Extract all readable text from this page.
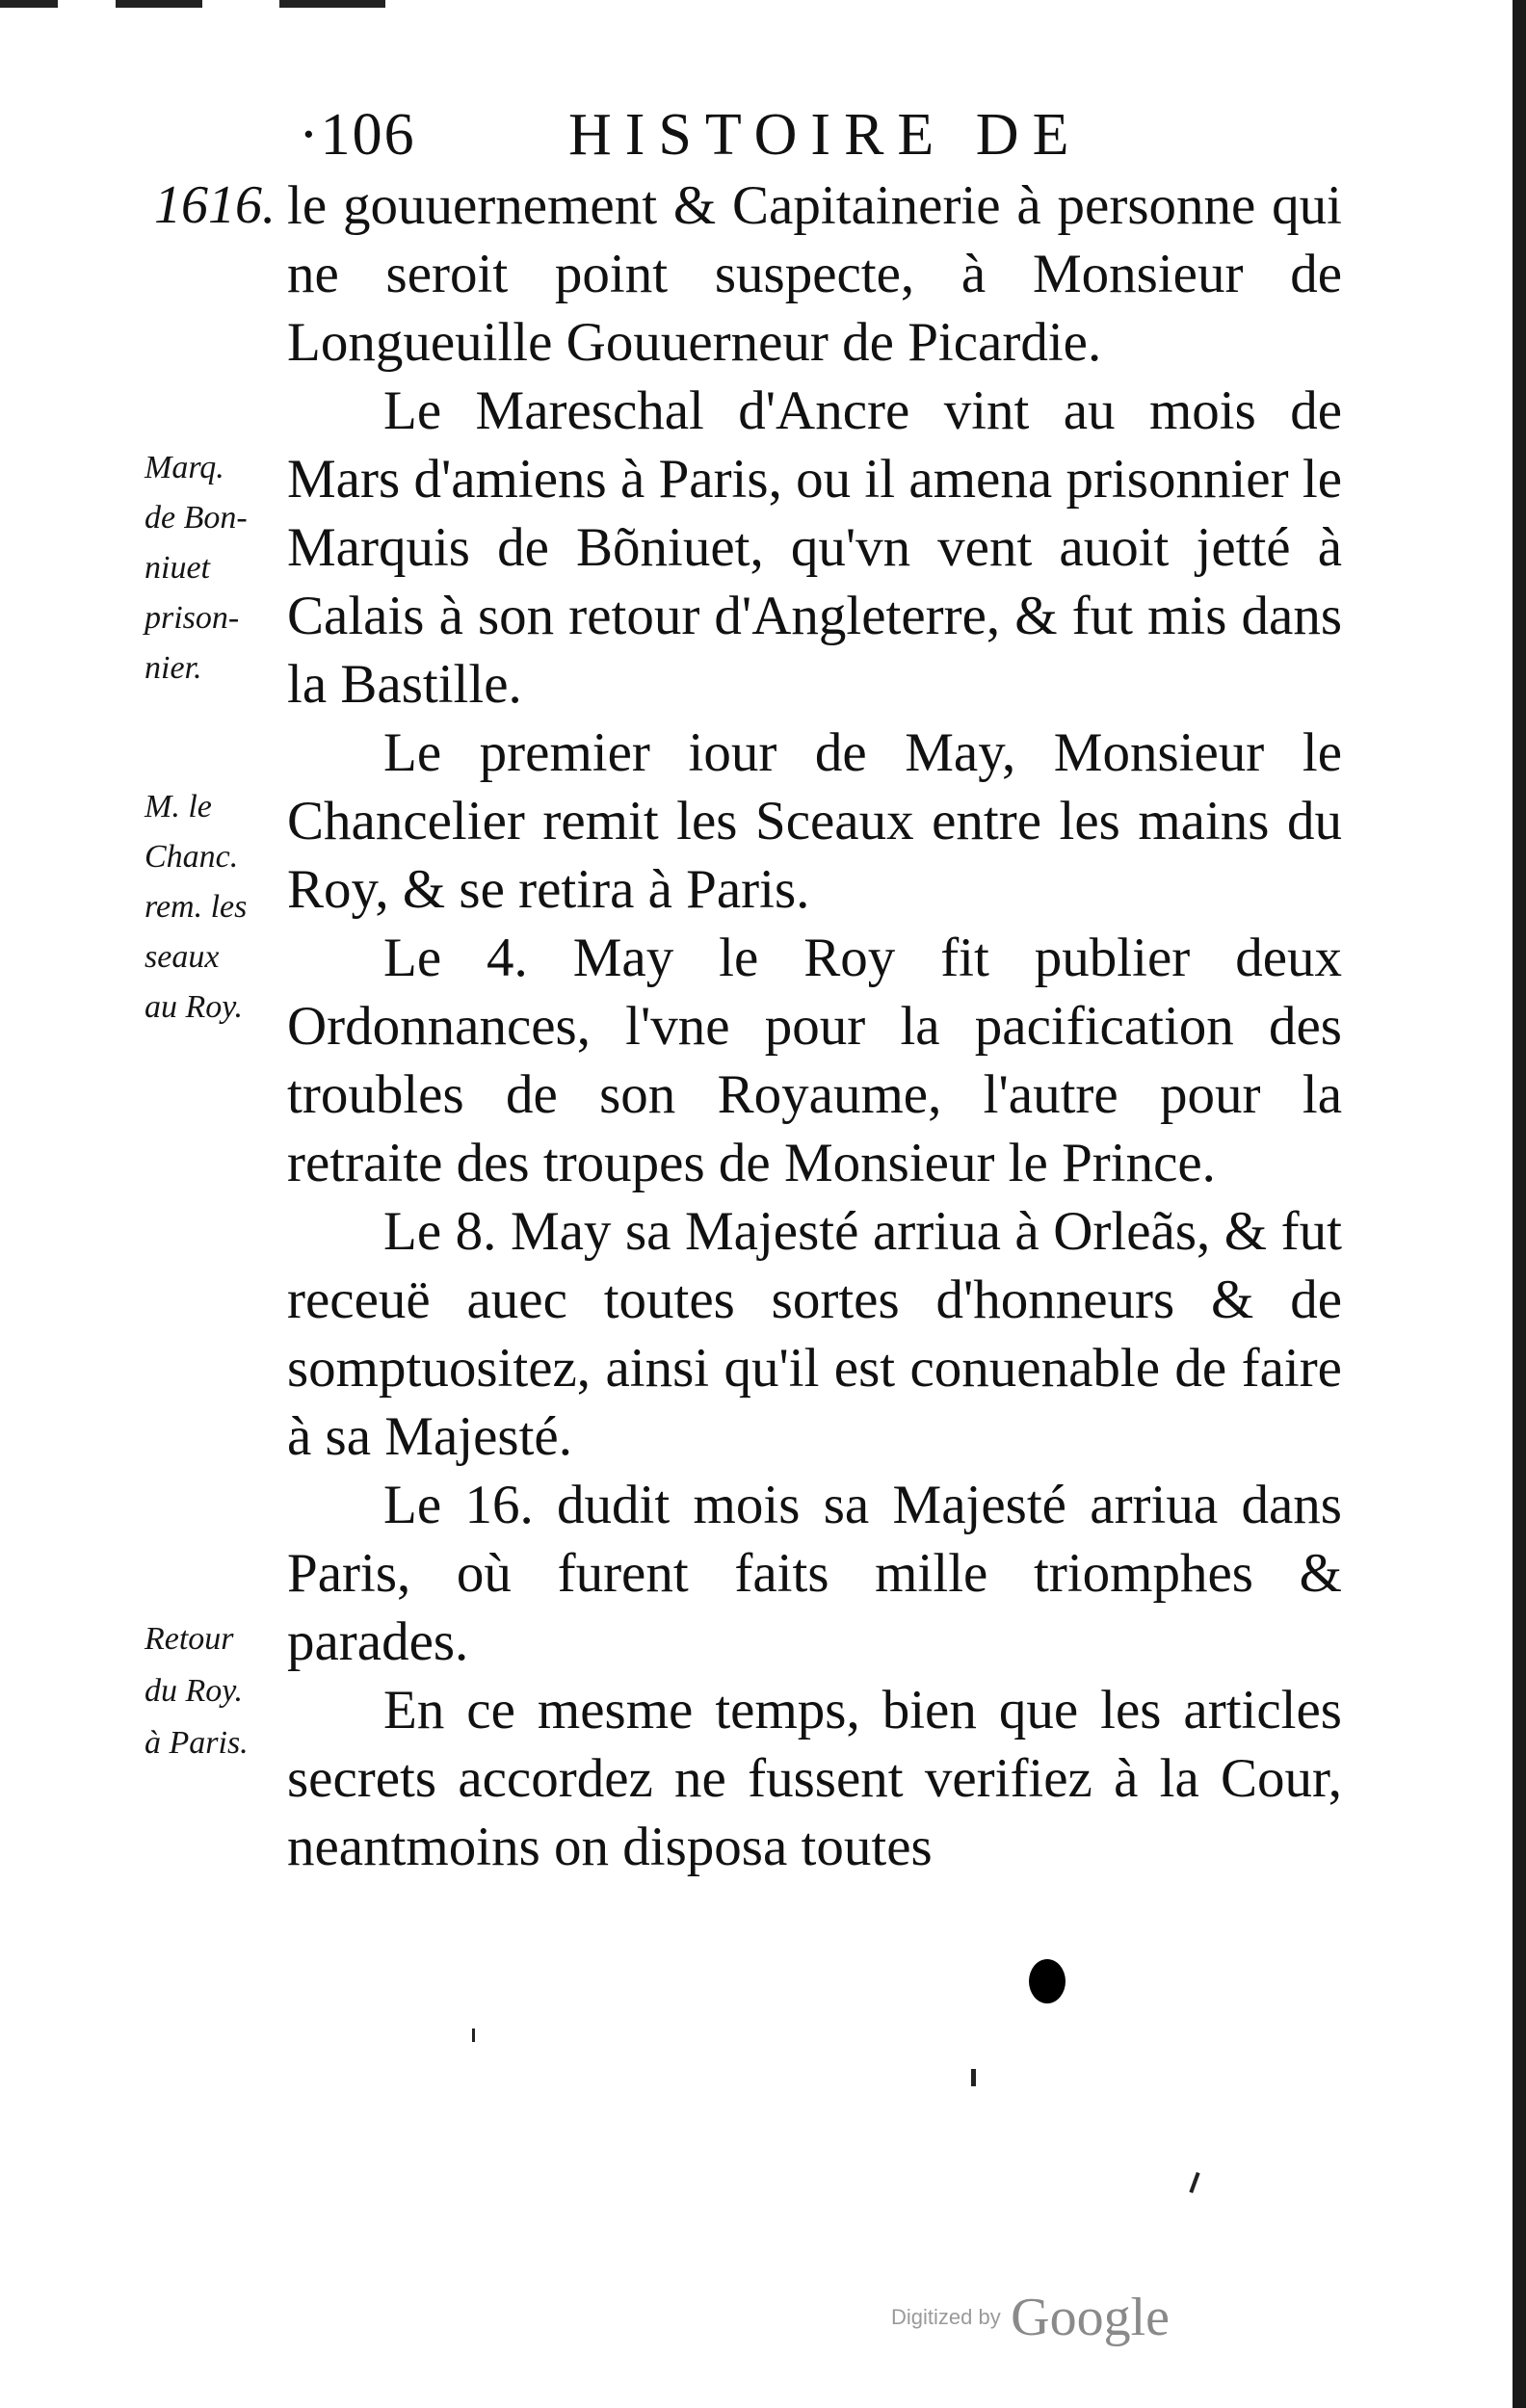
·106	HISTOIRE DE
1616. le gouuernement & Capitainerie à personne qui ne seroit point suspecte, à Monsieur de Longueuille Gouuerneur de Picardie.

Le Mareschal d'Ancre vint au mois de Mars d'amiens à Paris, ou il amena prisonnier le Marquis de Bõniuet, qu'vn vent auoit jetté à Calais à son retour d'Angleterre, & fut mis dans la Bastille.

Le premier iour de May, Monsieur le Chancelier remit les Sceaux entre les mains du Roy, & se retira à Paris.

Le 4. May le Roy fit publier deux Ordonnances, l'vne pour la pacification des troubles de son Royaume, l'autre pour la retraite des troupes de Monsieur le Prince.

Le 8. May sa Majesté arriua à Orleãs, & fut receuë auec toutes sortes d'honneurs & de somptuositez, ainsi qu'il est conuenable de faire à sa Majesté.

Le 16. dudit mois sa Majesté arriua dans Paris, où furent faits mille triomphes & parades.

En ce mesme temps, bien que les articles secrets accordez ne fussent verifiez à la Cour, neantmoins on disposa toutes

Marq.
de Bon-
niuet
prison-
nier.
M. le
Chanc.
rem. les
seaux
au Roy.
Retour
du Roy.
à Paris.
Digitized by Google
